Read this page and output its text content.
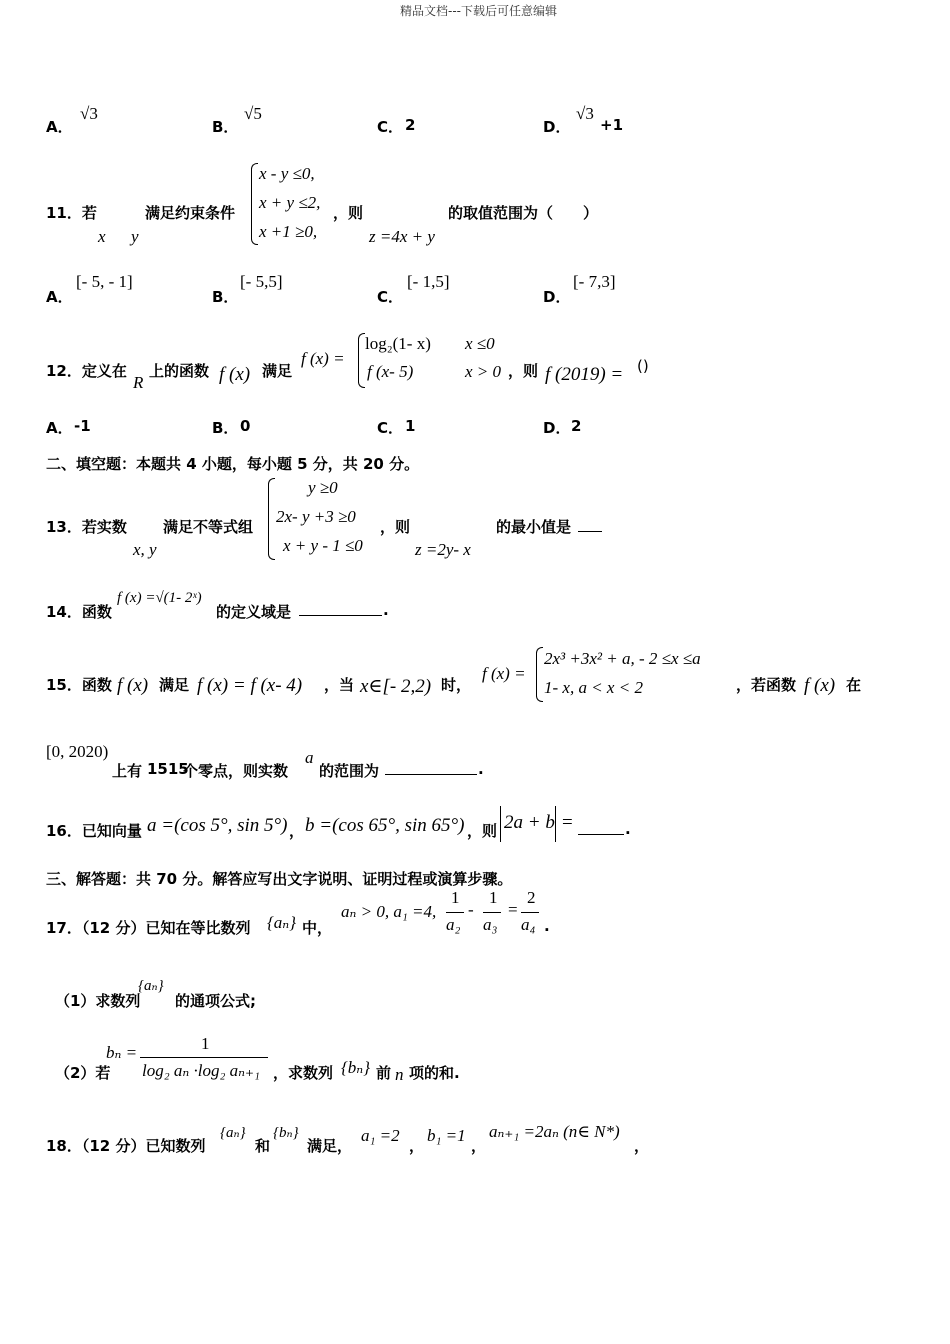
精品文档---下载后可任意编辑
A．
√3
B．
√5
C． 2	D．
√3
+1
11．若
x y
满足约束条件
x - y ≤0,
x + y ≤2,
x +1 ≥0,
，则
z =4x + y
的取值范围为（　　）
A．
[- 5, - 1]
B．
[- 5,5]
C．
[- 1,5]
D．
[- 7,3]
12．定义在
R
上的函数 f (x) 满足
f (x) =
log₂(1- x) x ≤0
f (x- 5)	x > 0 ，则 f (2019) = ()
A． -1	B． 0	C． 1	D． 2
二、填空题：本题共 4 小题，每小题 5 分，共 20 分。
13．若实数
x, y
满足不等式组
y ≥0
2x- y +3 ≥0
x + y - 1 ≤0
，则
z =2y- x
的最小值是
14．函数
f (x) =√(1- 2ˣ)
的定义域是	.
15．函数 f (x) 满足 f (x) = f (x- 4) ，当 x∈[- 2,2) 时，
f (x) =
2x³ +3x² + a, - 2 ≤x ≤a
1- x, a < x < 2	，若函数 f (x) 在
[0, 2020)
上有 1515
个零点，则实数
a
的范围为	.
16．已知向量 a =(cos 5°, sin 5°) ， b =(cos 65°, sin 65°) ，则 2a + b =	.
三、解答题：共 70 分。解答应写出文字说明、证明过程或演算步骤。
17．（12 分）已知在等比数列 {aₙ} 中，
aₙ > 0, a₁ =4,
1
a₂
-
1
a₃
=
2
a₄ .
（1）求数列
{aₙ}
的通项公式;
（2）若
bₙ =	1
log₂ aₙ ·log₂ aₙ₊₁ ，求数列 {bₙ} 前 n 项的和.
18．（12 分）已知数列
{aₙ}
和
{bₙ}
满足，
a₁ =2
，
b₁ =1
，
aₙ₊₁ =2aₙ (n∈ N*)
，
